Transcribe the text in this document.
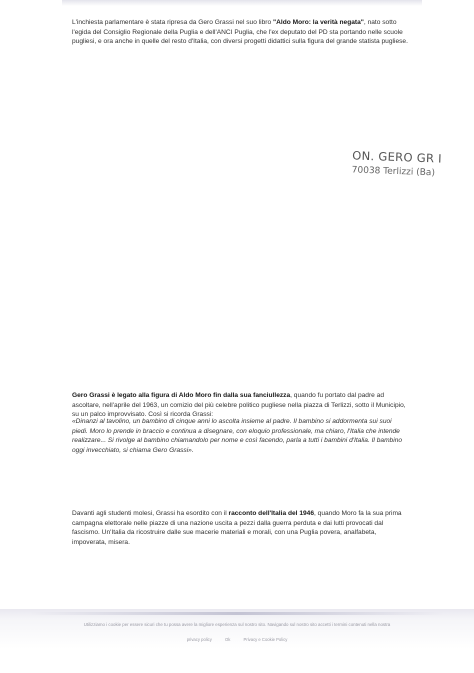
L'inchiesta parlamentare è stata ripresa da Gero Grassi nel suo libro "Aldo Moro: la verità negata", nato sotto l'egida del Consiglio Regionale della Puglia e dell'ANCI Puglia, che l'ex deputato del PD sta portando nelle scuole pugliesi, e ora anche in quelle del resto d'Italia, con diversi progetti didattici sulla figura del grande statista pugliese.

ON. GERO GR I
70038 Terlizzi (Ba)

Gero Grassi è legato alla figura di Aldo Moro fin dalla sua fanciullezza, quando fu portato dal padre ad ascoltare, nell'aprile del 1963, un comizio del più celebre politico pugliese nella piazza di Terlizzi, sotto il Municipio, su un palco improvvisato. Così si ricorda Grassi:

«Dinanzi al tavolino, un bambino di cinque anni lo ascolta insieme al padre. Il bambino si addormenta sui suoi piedi. Moro lo prende in braccio e continua a disegnare, con eloquio professionale, ma chiaro, l'Italia che intende realizzare... Si rivolge al bambino chiamandolo per nome e così facendo, parla a tutti i bambini d'Italia. Il bambino oggi invecchiato, si chiama Gero Grassi».

Davanti agli studenti molesi, Grassi ha esordito con il racconto dell'Italia del 1946, quando Moro fa la sua prima campagna elettorale nelle piazze di una nazione uscita a pezzi dalla guerra perduta e dai lutti provocati dal fascismo. Un'Italia da ricostruire dalle sue macerie materiali e morali, con una Puglia povera, analfabeta, impoverata, misera.

Utilizziamo i cookie per essere sicuri che tu possa avere la migliore esperienza sul nostro sito. Navigando sul nostro sito accetti i termini contenuti nella nostra
privacy policy	Ok	Privacy e Cookie Policy
